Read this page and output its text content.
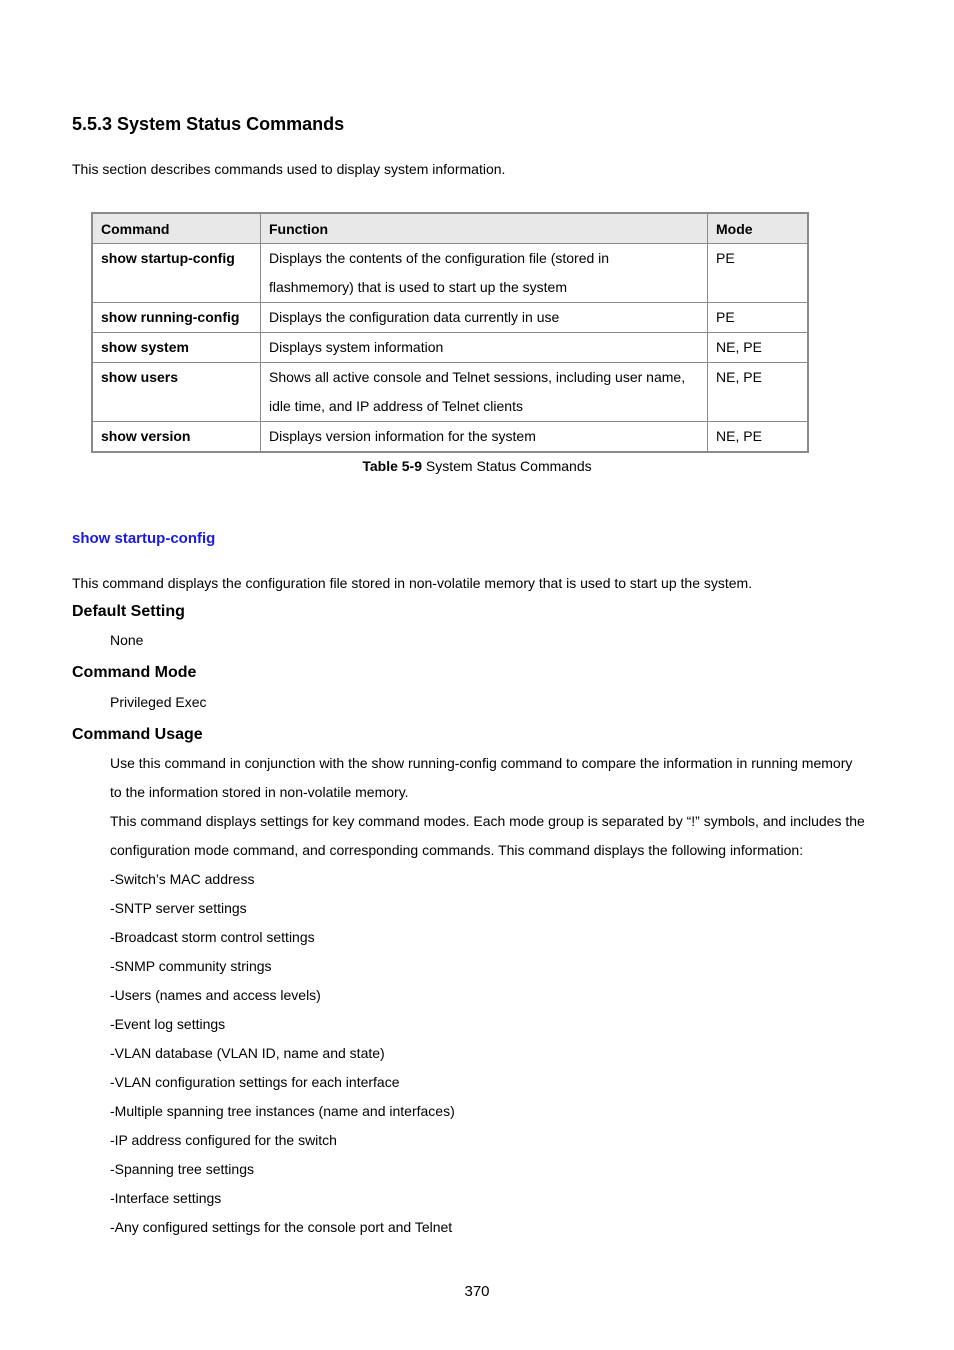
5.5.3 System Status Commands
This section describes commands used to display system information.
Command	Function	Mode
show startup-config	Displays the contents of the configuration file (stored in
flashmemory) that is used to start up the system	PE
show running-config	Displays the configuration data currently in use	PE
show system	Displays system information	NE, PE
show users	Shows all active console and Telnet sessions, including user name,
idle time, and IP address of Telnet clients	NE, PE
show version	Displays version information for the system	NE, PE
Table 5-9 System Status Commands
show startup-config
This command displays the configuration file stored in non-volatile memory that is used to start up the system.
Default Setting
None
Command Mode
Privileged Exec
Command Usage
Use this command in conjunction with the show running-config command to compare the information in running memory
to the information stored in non-volatile memory.
This command displays settings for key command modes. Each mode group is separated by “!” symbols, and includes the
configuration mode command, and corresponding commands. This command displays the following information:
-Switch’s MAC address
-SNTP server settings
-Broadcast storm control settings
-SNMP community strings
-Users (names and access levels)
-Event log settings
-VLAN database (VLAN ID, name and state)
-VLAN configuration settings for each interface
-Multiple spanning tree instances (name and interfaces)
-IP address configured for the switch
-Spanning tree settings
-Interface settings
-Any configured settings for the console port and Telnet
370
